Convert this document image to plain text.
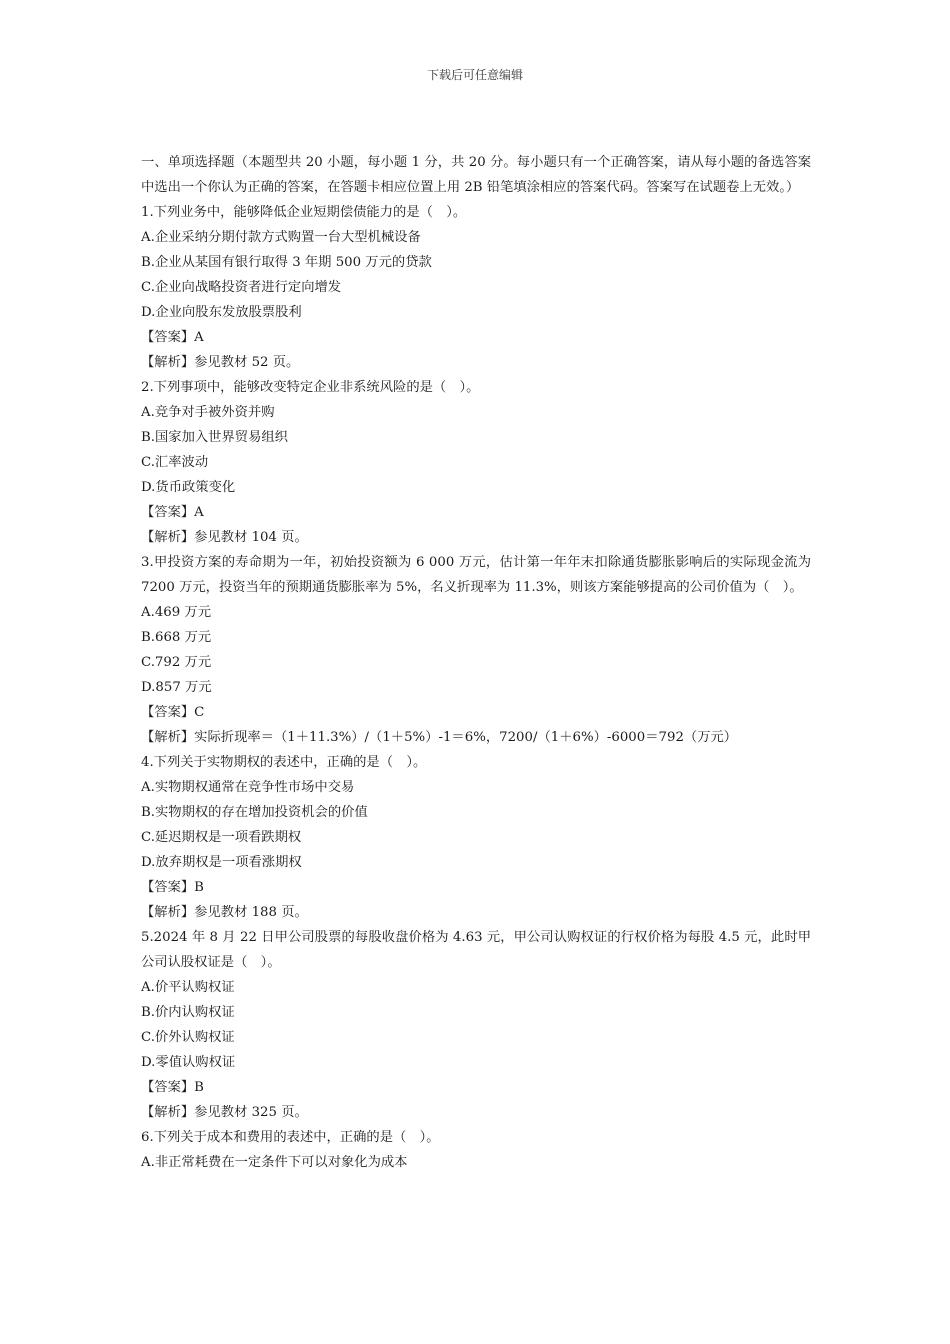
下载后可任意编辑
一、单项选择题（本题型共 20 小题，每小题 1 分，共 20 分。每小题只有一个正确答案，请从每小题的备选答案中选出一个你认为正确的答案，在答题卡相应位置上用 2B 铅笔填涂相应的答案代码。答案写在试题卷上无效。）
1.下列业务中，能够降低企业短期偿债能力的是（　）。
A.企业采纳分期付款方式购置一台大型机械设备
B.企业从某国有银行取得 3 年期 500 万元的贷款
C.企业向战略投资者进行定向增发
D.企业向股东发放股票股利
【答案】A
【解析】参见教材 52 页。
2.下列事项中，能够改变特定企业非系统风险的是（　）。
A.竞争对手被外资并购
B.国家加入世界贸易组织
C.汇率波动
D.货币政策变化
【答案】A
【解析】参见教材 104 页。
3.甲投资方案的寿命期为一年，初始投资额为 6 000 万元，估计第一年年末扣除通货膨胀影响后的实际现金流为 7200 万元，投资当年的预期通货膨胀率为 5%，名义折现率为 11.3%，则该方案能够提高的公司价值为（　）。
A.469 万元
B.668 万元
C.792 万元
D.857 万元
【答案】C
【解析】实际折现率＝（1＋11.3%）/（1＋5%）-1＝6%，7200/（1＋6%）-6000＝792（万元）
4.下列关于实物期权的表述中，正确的是（　）。
A.实物期权通常在竞争性市场中交易
B.实物期权的存在增加投资机会的价值
C.延迟期权是一项看跌期权
D.放弃期权是一项看涨期权
【答案】B
【解析】参见教材 188 页。
5.2024 年 8 月 22 日甲公司股票的每股收盘价格为 4.63 元，甲公司认购权证的行权价格为每股 4.5 元，此时甲公司认股权证是（　）。
A.价平认购权证
B.价内认购权证
C.价外认购权证
D.零值认购权证
【答案】B
【解析】参见教材 325 页。
6.下列关于成本和费用的表述中，正确的是（　）。
A.非正常耗费在一定条件下可以对象化为成本
